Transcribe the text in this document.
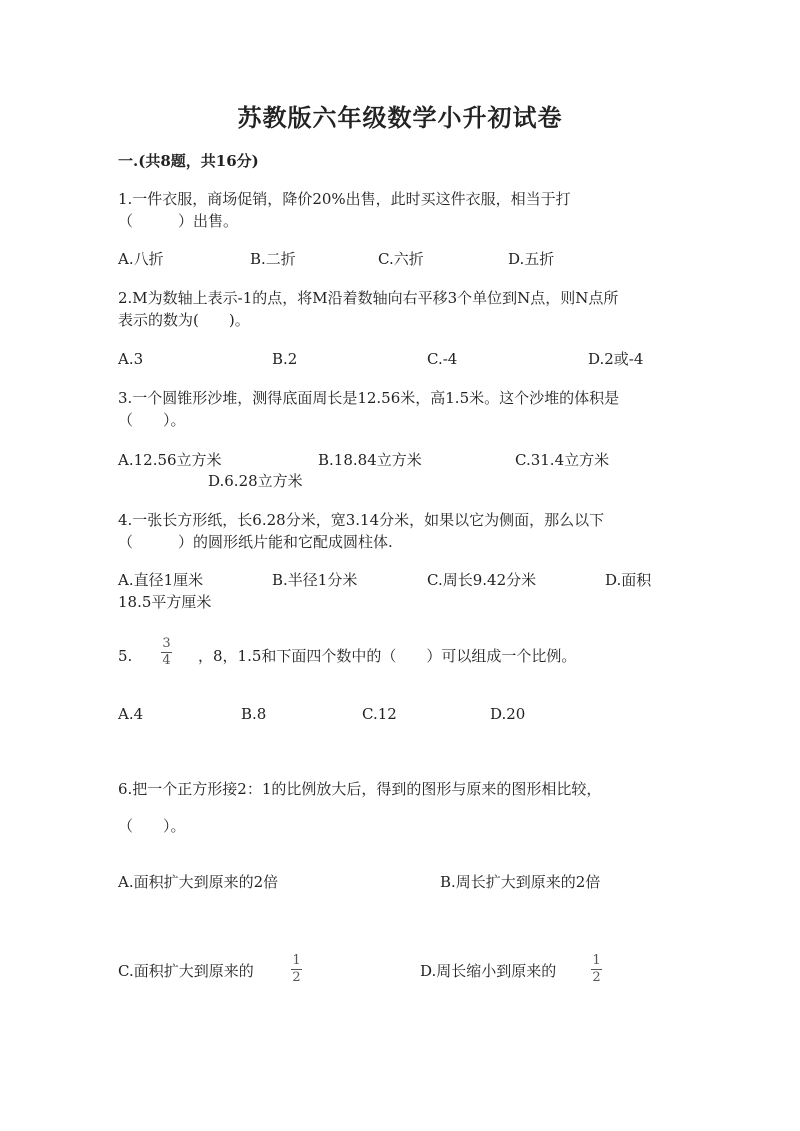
苏教版六年级数学小升初试卷
一.(共8题，共16分)
1.一件衣服，商场促销，降价20%出售，此时买这件衣服，相当于打
（　　　）出售。
A.八折	B.二折	C.六折	D.五折
2.M为数轴上表示-1的点，将M沿着数轴向右平移3个单位到N点，则N点所
表示的数为(　　)。
A.3	B.2	C.-4	D.2或-4
3.一个圆锥形沙堆，测得底面周长是12.56米，高1.5米。这个沙堆的体积是
（　　）。
A.12.56立方米	B.18.84立方米	C.31.4立方米
D.6.28立方米
4.一张长方形纸，长6.28分米，宽3.14分米，如果以它为侧面，那么以下
（　　　）的圆形纸片能和它配成圆柱体.
A.直径1厘米	B.半径1分米	C.周长9.42分米	D.面积
18.5平方厘米
5.
3
4 ，8，1.5和下面四个数中的（　　）可以组成一个比例。
A.4	B.8	C.12	D.20
6.把一个正方形接2：1的比例放大后，得到的图形与原来的图形相比较，
（　　）。
A.面积扩大到原来的2倍	B.周长扩大到原来的2倍
C.面积扩大到原来的
1
2	D.周长缩小到原来的
1
2
